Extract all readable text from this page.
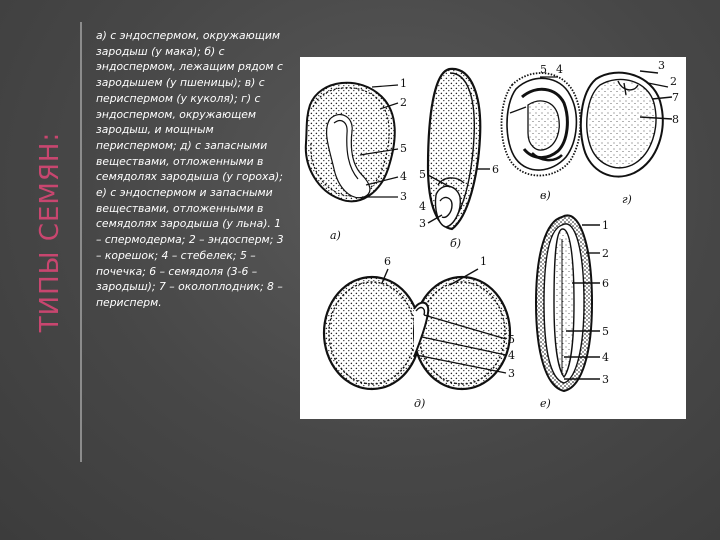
ТИПЫ СЕМЯН:

а) с эндоспермом, окружающим зародыш (у мака); б) с эндоспермом, лежащим рядом с зародышем (у пшеницы); в) с периспермом (у куколя); г) с эндоспермом, окружающем зародыш, и мощным периспермом; д) с запасными веществами, отложенными в семядолях зародыша (у гороха); е) с эндоспермом и запасными веществами, отложенными в семядолях зародыша (у льна). 1 – спермодерма; 2 – эндосперм; 3 – корешок; 4 – стебелек; 5 – почечка; 6 – семядоля (3-6 – зародыш); 7 – околоплодник; 8 – перисперм.

1
2
5
4
3
а)
6
5
4
3
б)
5 4
в)
3
2
7
8
г)
6	1
5
4
3
д)
1
2
6
5
4
3
е)
